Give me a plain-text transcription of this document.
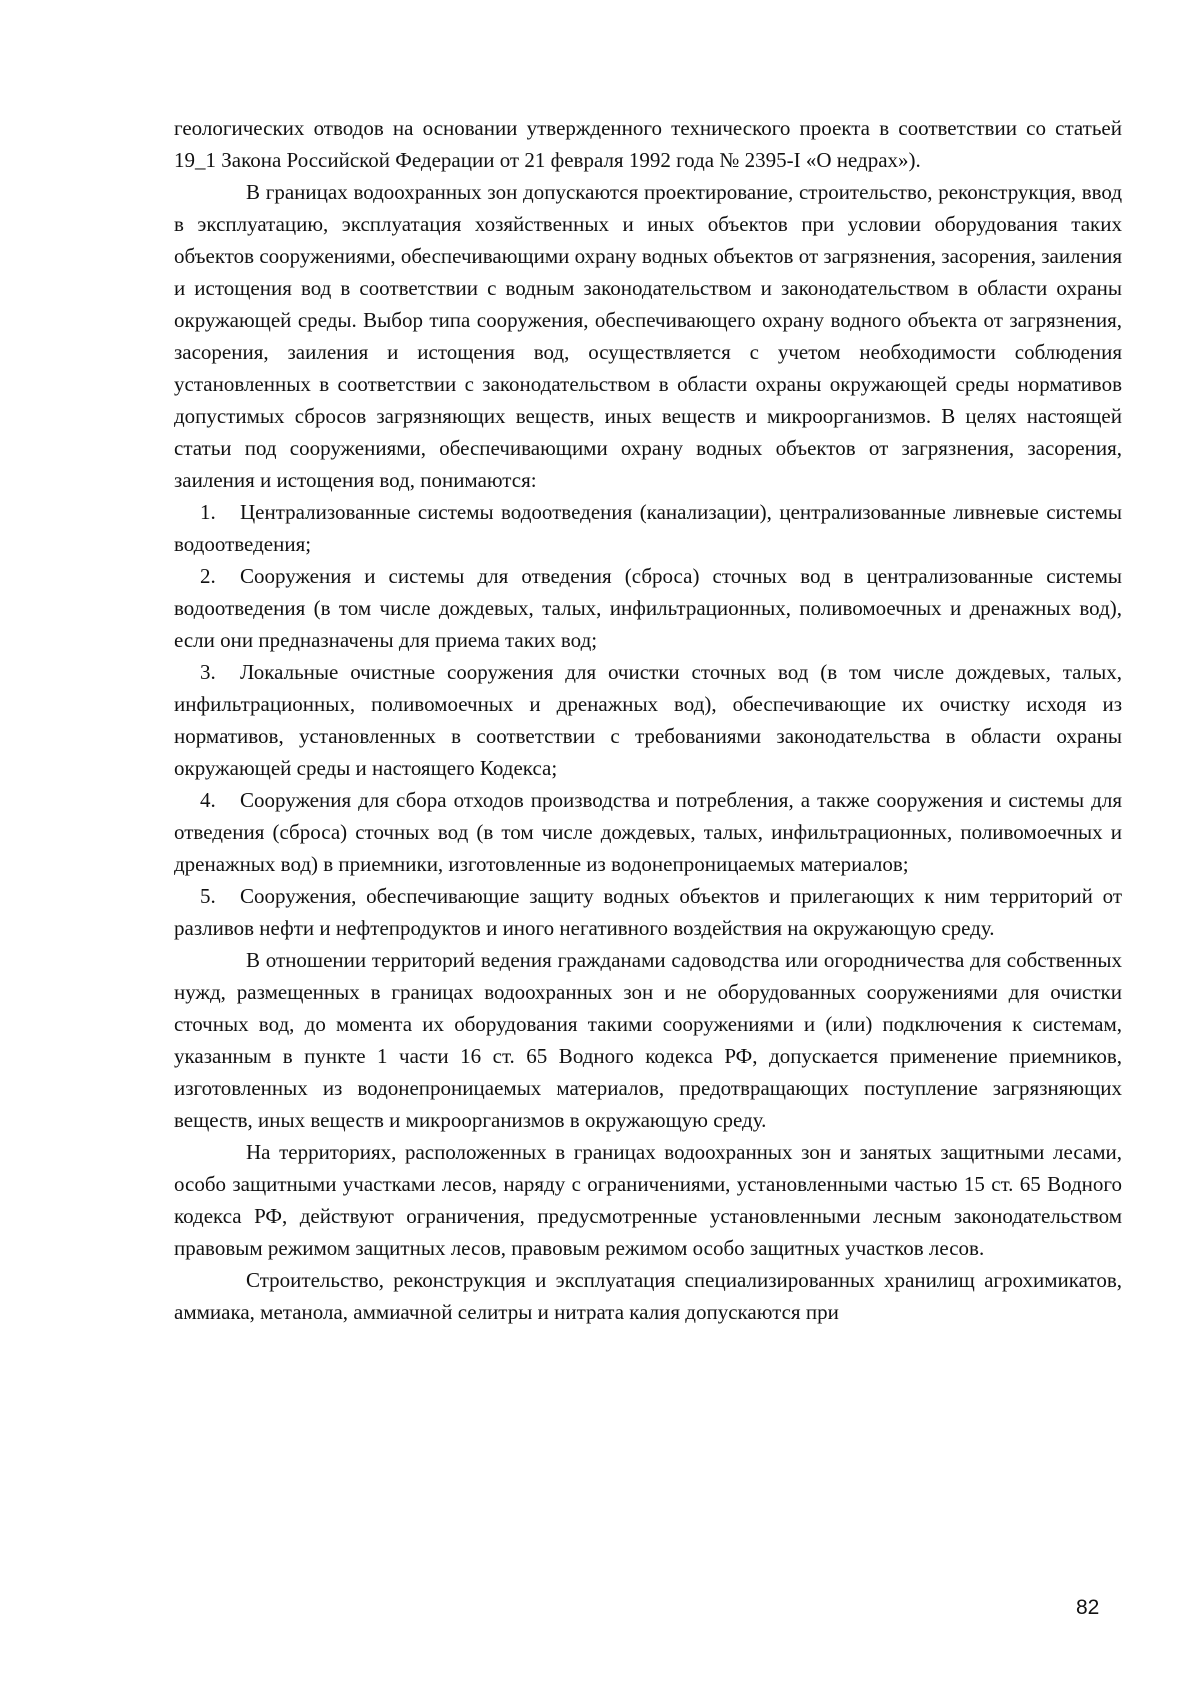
геологических отводов на основании утвержденного технического проекта в соответствии со статьей 19_1 Закона Российской Федерации от 21 февраля 1992 года № 2395-I «О недрах»).

В границах водоохранных зон допускаются проектирование, строительство, реконструкция, ввод в эксплуатацию, эксплуатация хозяйственных и иных объектов при условии оборудования таких объектов сооружениями, обеспечивающими охрану водных объектов от загрязнения, засорения, заиления и истощения вод в соответствии с водным законодательством и законодательством в области охраны окружающей среды. Выбор типа сооружения, обеспечивающего охрану водного объекта от загрязнения, засорения, заиления и истощения вод, осуществляется с учетом необходимости соблюдения установленных в соответствии с законодательством в области охраны окружающей среды нормативов допустимых сбросов загрязняющих веществ, иных веществ и микроорганизмов. В целях настоящей статьи под сооружениями, обеспечивающими охрану водных объектов от загрязнения, засорения, заиления и истощения вод, понимаются:

1. Централизованные системы водоотведения (канализации), централизованные ливневые системы водоотведения;

2. Сооружения и системы для отведения (сброса) сточных вод в централизованные системы водоотведения (в том числе дождевых, талых, инфильтрационных, поливомоечных и дренажных вод), если они предназначены для приема таких вод;

3. Локальные очистные сооружения для очистки сточных вод (в том числе дождевых, талых, инфильтрационных, поливомоечных и дренажных вод), обеспечивающие их очистку исходя из нормативов, установленных в соответствии с требованиями законодательства в области охраны окружающей среды и настоящего Кодекса;

4. Сооружения для сбора отходов производства и потребления, а также сооружения и системы для отведения (сброса) сточных вод (в том числе дождевых, талых, инфильтрационных, поливомоечных и дренажных вод) в приемники, изготовленные из водонепроницаемых материалов;

5. Сооружения, обеспечивающие защиту водных объектов и прилегающих к ним территорий от разливов нефти и нефтепродуктов и иного негативного воздействия на окружающую среду.

В отношении территорий ведения гражданами садоводства или огородничества для собственных нужд, размещенных в границах водоохранных зон и не оборудованных сооружениями для очистки сточных вод, до момента их оборудования такими сооружениями и (или) подключения к системам, указанным в пункте 1 части 16 ст. 65 Водного кодекса РФ, допускается применение приемников, изготовленных из водонепроницаемых материалов, предотвращающих поступление загрязняющих веществ, иных веществ и микроорганизмов в окружающую среду.

На территориях, расположенных в границах водоохранных зон и занятых защитными лесами, особо защитными участками лесов, наряду с ограничениями, установленными частью 15 ст. 65 Водного кодекса РФ, действуют ограничения, предусмотренные установленными лесным законодательством правовым режимом защитных лесов, правовым режимом особо защитных участков лесов.

Строительство, реконструкция и эксплуатация специализированных хранилищ агрохимикатов, аммиака, метанола, аммиачной селитры и нитрата калия допускаются при

82
